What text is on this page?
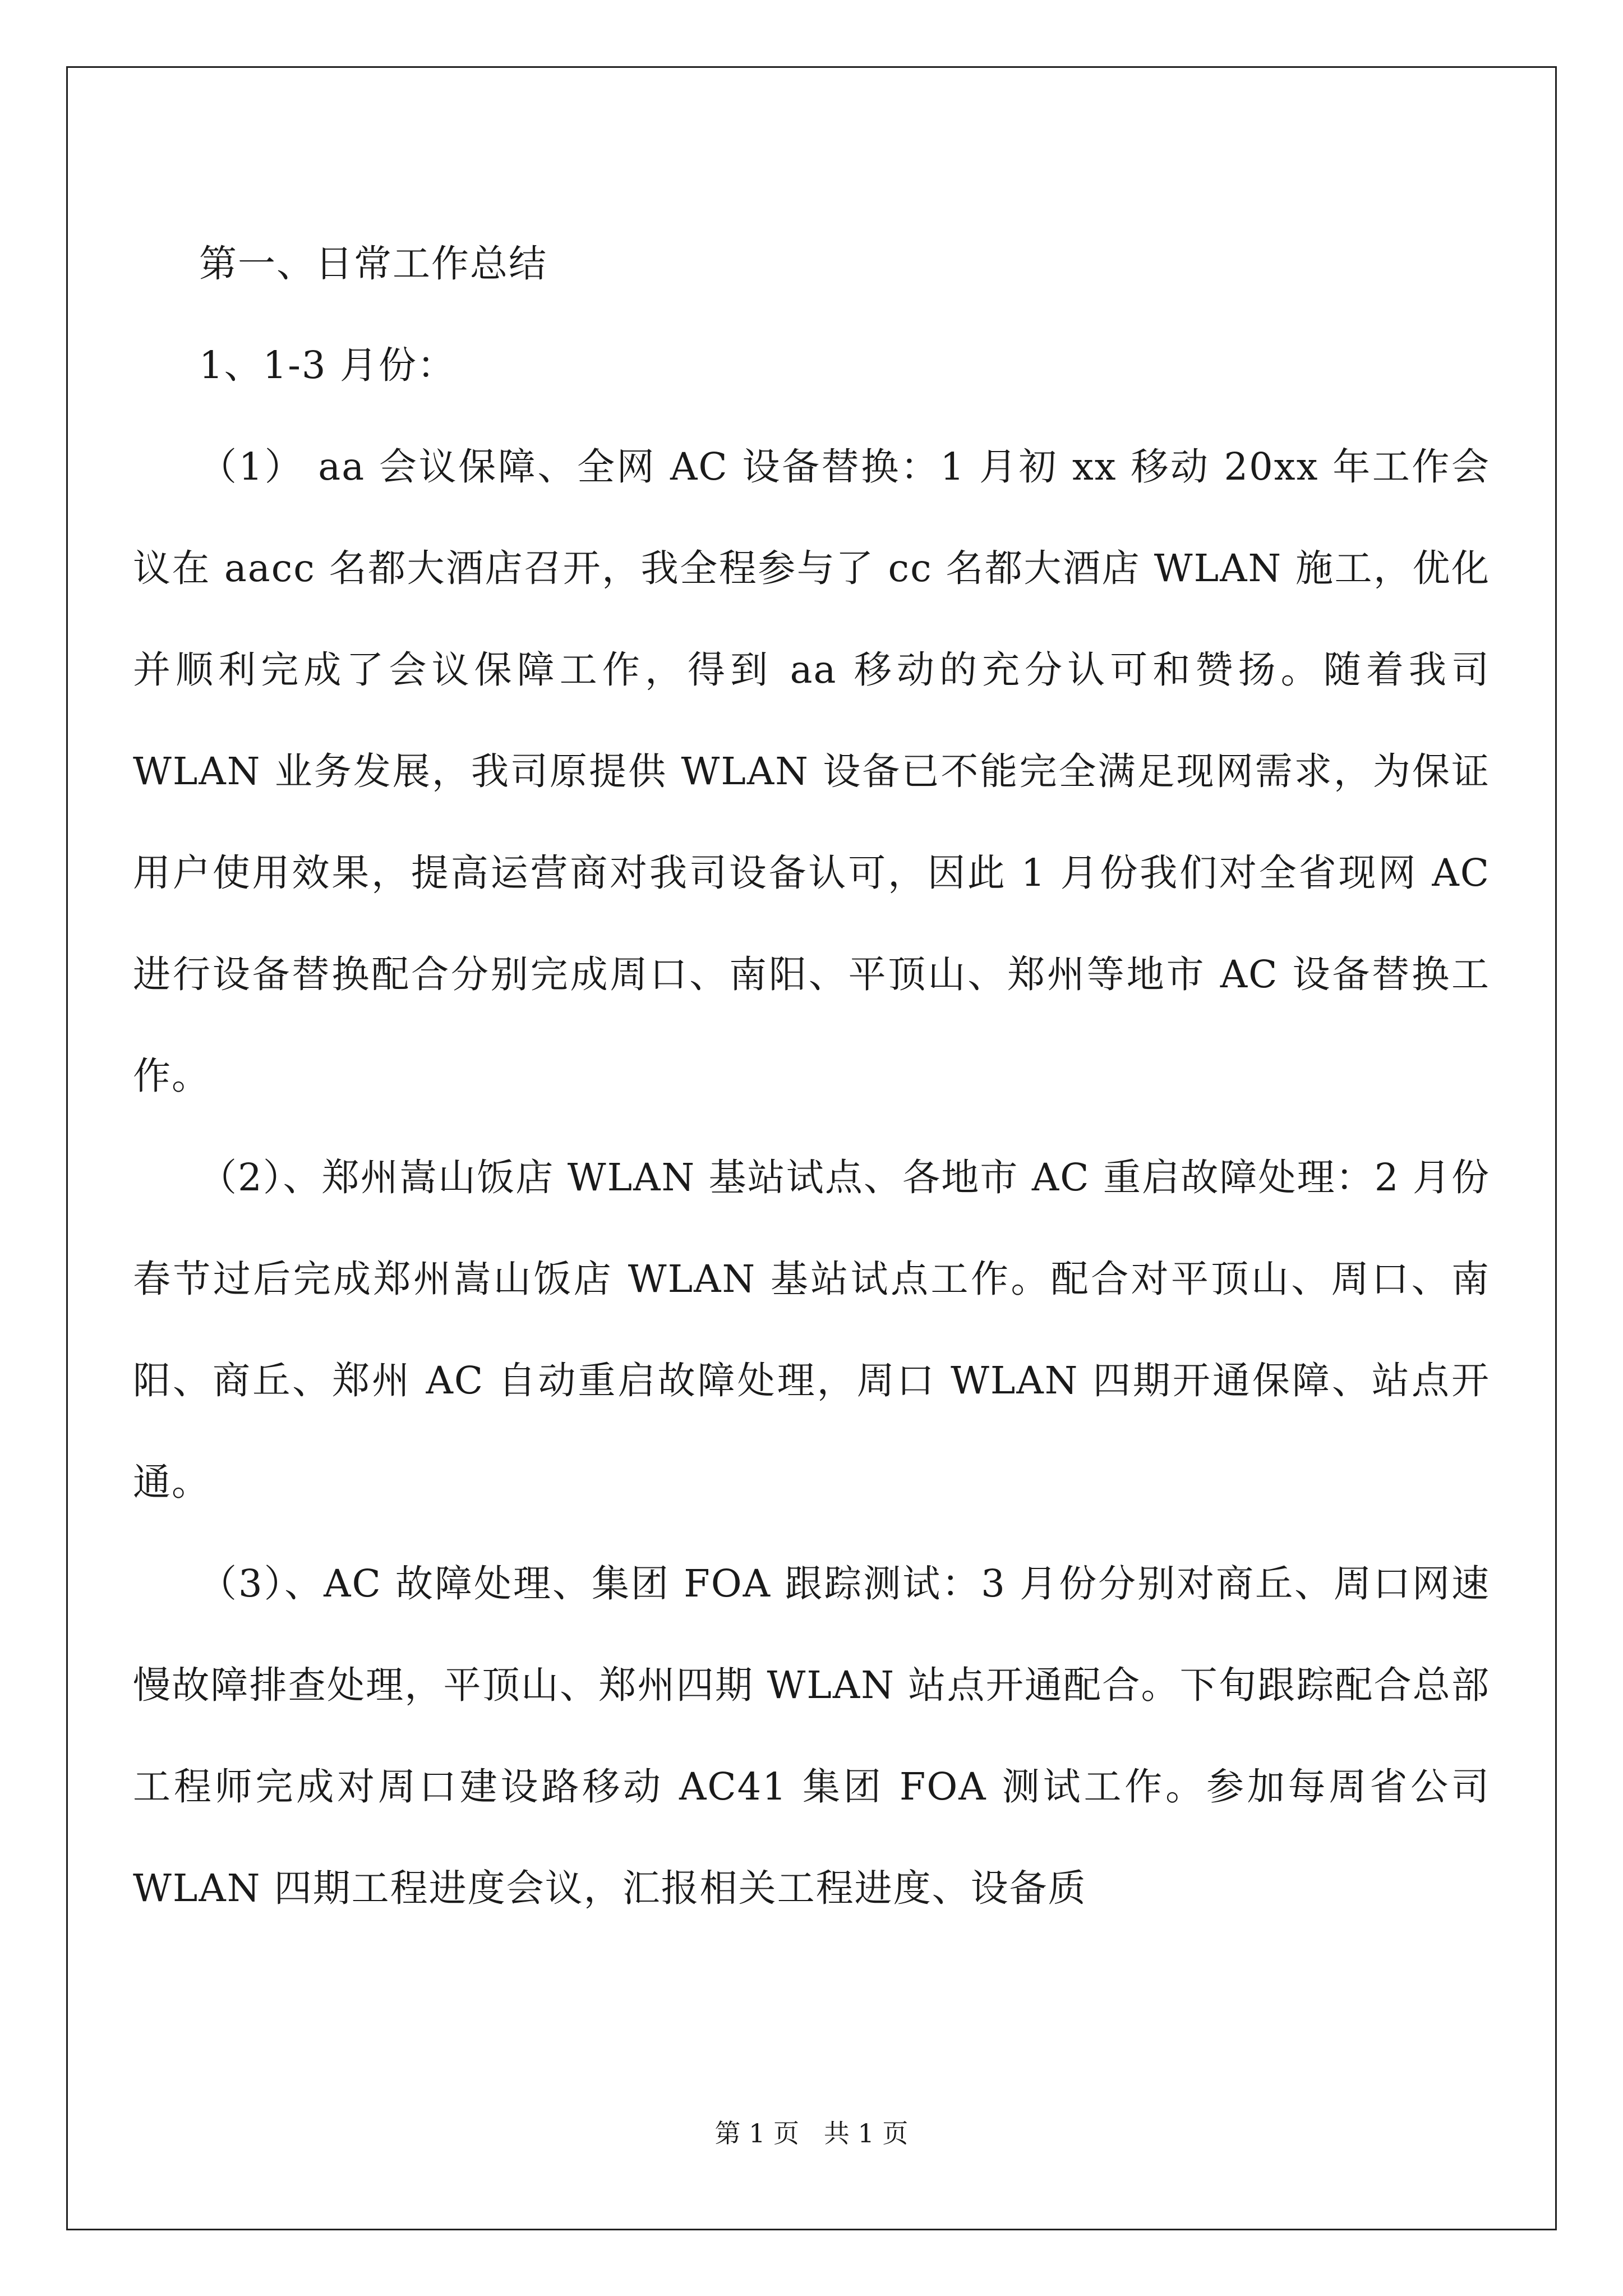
第一、日常工作总结

1、1-3 月份：

（1） aa 会议保障、全网 AC 设备替换：1 月初 xx 移动 20xx 年工作会议在 aacc 名都大酒店召开，我全程参与了 cc 名都大酒店 WLAN 施工，优化并顺利完成了会议保障工作，得到 aa 移动的充分认可和赞扬。随着我司 WLAN 业务发展，我司原提供 WLAN 设备已不能完全满足现网需求，为保证用户使用效果，提高运营商对我司设备认可，因此 1 月份我们对全省现网 AC 进行设备替换配合分别完成周口、南阳、平顶山、郑州等地市 AC 设备替换工作。

（2）、郑州嵩山饭店 WLAN 基站试点、各地市 AC 重启故障处理：2 月份春节过后完成郑州嵩山饭店 WLAN 基站试点工作。配合对平顶山、周口、南阳、商丘、郑州 AC 自动重启故障处理，周口 WLAN 四期开通保障、站点开通。

（3）、AC 故障处理、集团 FOA 跟踪测试：3 月份分别对商丘、周口网速慢故障排查处理，平顶山、郑州四期 WLAN 站点开通配合。下旬跟踪配合总部工程师完成对周口建设路移动 AC41 集团 FOA 测试工作。参加每周省公司 WLAN 四期工程进度会议，汇报相关工程进度、设备质

第 1 页   共 1 页
